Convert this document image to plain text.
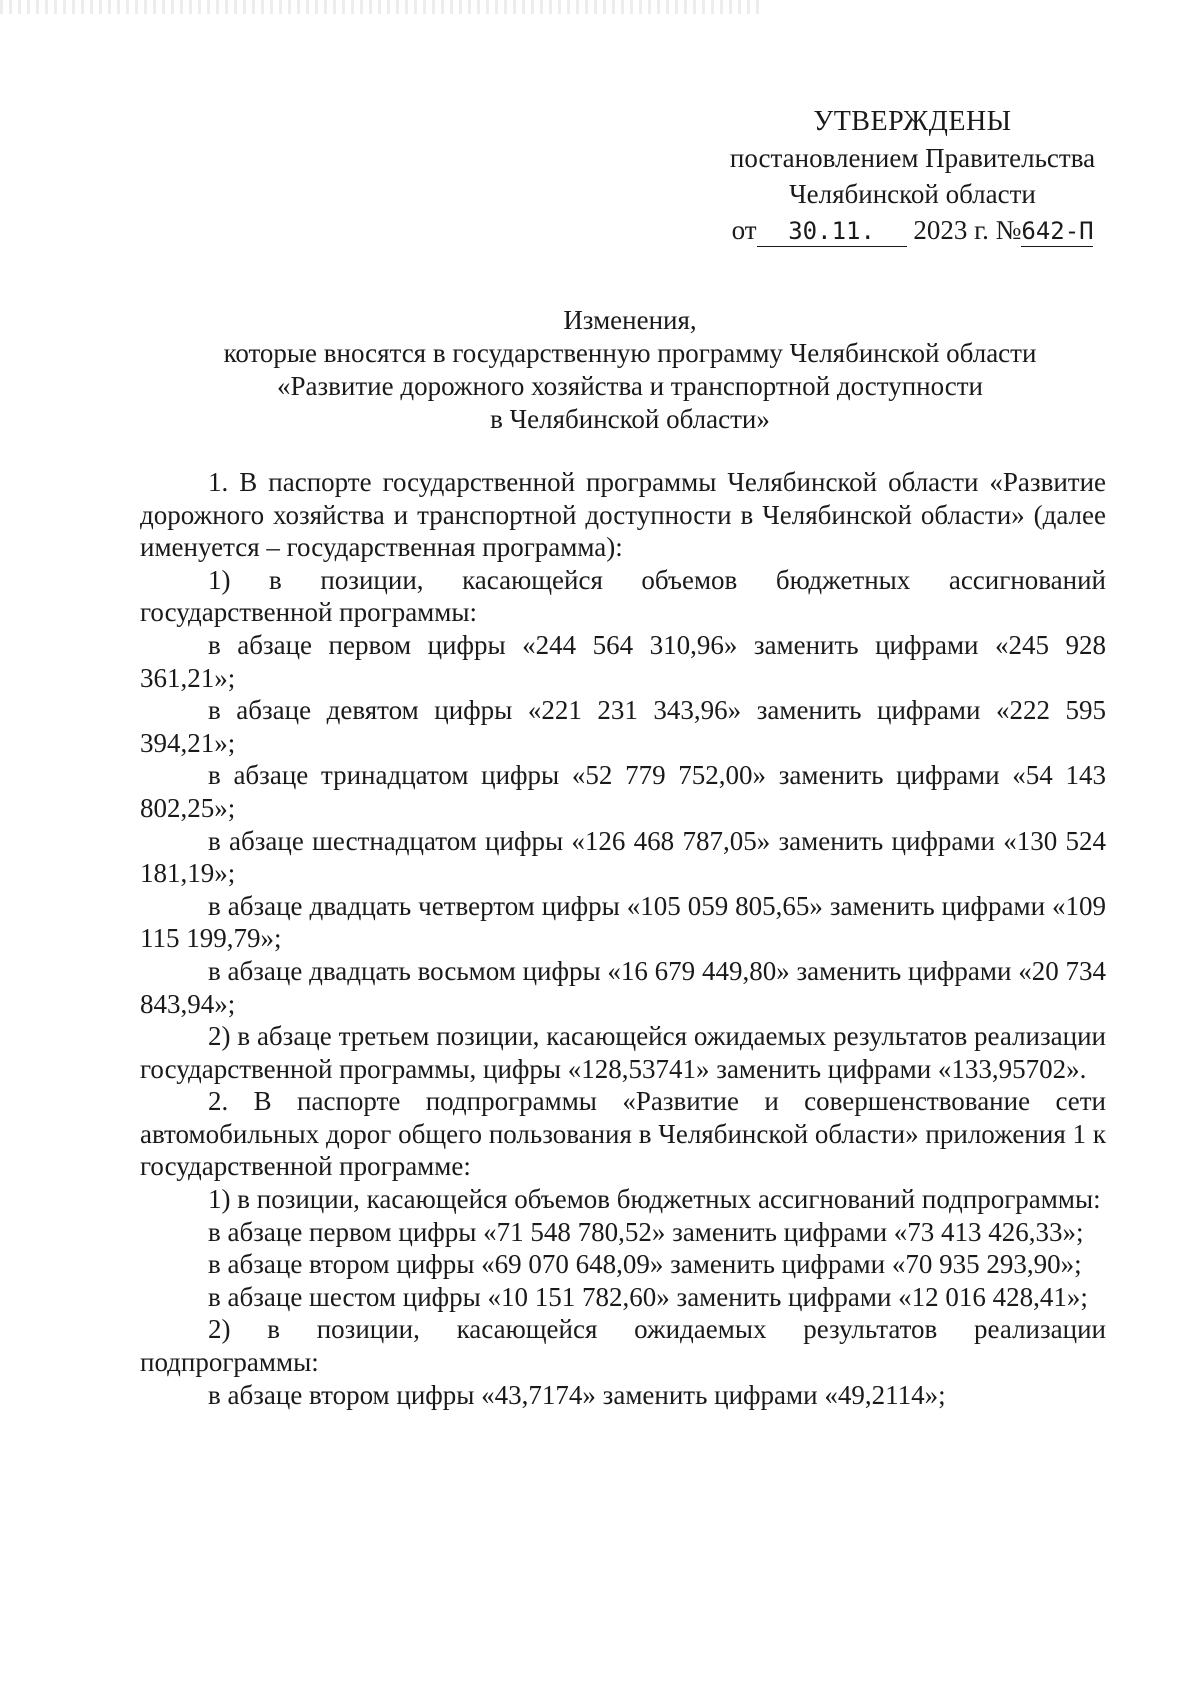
УТВЕРЖДЕНЫ
постановлением Правительства
Челябинской области
от 30.11. 2023 г. №642-П
Изменения,
которые вносятся в государственную программу Челябинской области
«Развитие дорожного хозяйства и транспортной доступности
в Челябинской области»
1. В паспорте государственной программы Челябинской области «Развитие дорожного хозяйства и транспортной доступности в Челябинской области» (далее именуется – государственная программа):
1) в позиции, касающейся объемов бюджетных ассигнований государственной программы:
в абзаце первом цифры «244 564 310,96» заменить цифрами «245 928 361,21»;
в абзаце девятом цифры «221 231 343,96» заменить цифрами «222 595 394,21»;
в абзаце тринадцатом цифры «52 779 752,00» заменить цифрами «54 143 802,25»;
в абзаце шестнадцатом цифры «126 468 787,05» заменить цифрами «130 524 181,19»;
в абзаце двадцать четвертом цифры «105 059 805,65» заменить цифрами «109 115 199,79»;
в абзаце двадцать восьмом цифры «16 679 449,80» заменить цифрами «20 734 843,94»;
2) в абзаце третьем позиции, касающейся ожидаемых результатов реализации государственной программы, цифры «128,53741» заменить цифрами «133,95702».
2. В паспорте подпрограммы «Развитие и совершенствование сети автомобильных дорог общего пользования в Челябинской области» приложения 1 к государственной программе:
1) в позиции, касающейся объемов бюджетных ассигнований подпрограммы:
в абзаце первом цифры «71 548 780,52» заменить цифрами «73 413 426,33»;
в абзаце втором цифры «69 070 648,09» заменить цифрами «70 935 293,90»;
в абзаце шестом цифры «10 151 782,60» заменить цифрами «12 016 428,41»;
2) в позиции, касающейся ожидаемых результатов реализации подпрограммы:
в абзаце втором цифры «43,7174» заменить цифрами «49,2114»;
